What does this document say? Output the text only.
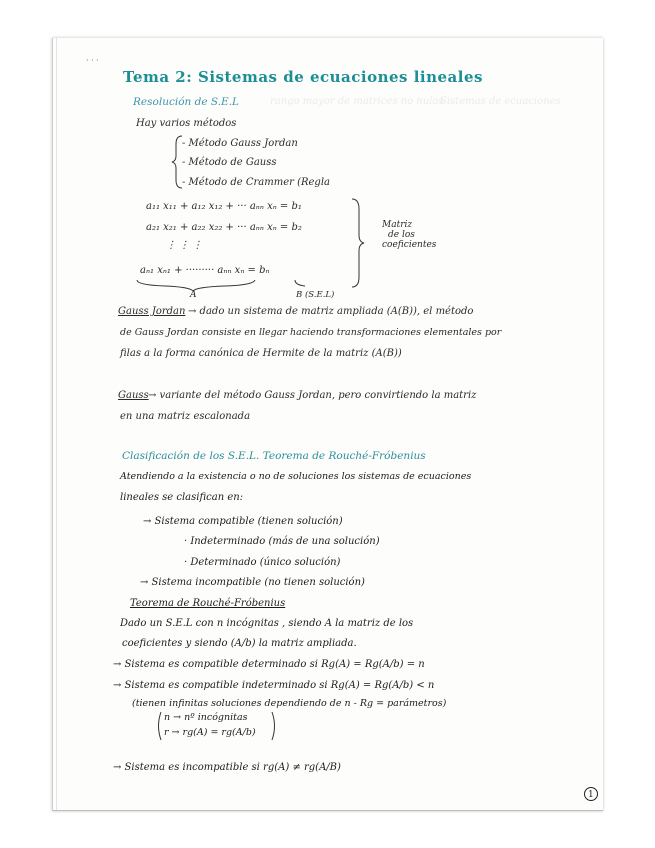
· · ·
rango mayor de matrices no nulos
Sistemas de ecuaciones
Tema 2: Sistemas de ecuaciones lineales
Resolución de S.E.L
Hay varios métodos
- Método Gauss Jordan
- Método de Gauss
- Método de Crammer (Regla
a₁₁ x₁₁ + a₁₂ x₁₂ + ··· aₙₙ xₙ = b₁
a₂₁ x₂₁ + a₂₂ x₂₂ + ··· aₙₙ xₙ = b₂
⋮ ⋮ ⋮
aₙ₁ xₙ₁ + ········· aₙₙ xₙ = bₙ
A	B (S.E.L)
Matriz
de los
coeficientes
Gauss Jordan → dado un sistema de matriz ampliada (A(B)), el método
de Gauss Jordan consiste en llegar haciendo transformaciones elementales por
filas a la forma canónica de Hermite de la matriz (A(B))
Gauss → variante del método Gauss Jordan, pero convirtiendo la matriz
en una matriz escalonada
Clasificación de los S.E.L. Teorema de Rouché-Fróbenius
Atendiendo a la existencia o no de soluciones los sistemas de ecuaciones
lineales se clasifican en:
→ Sistema compatible (tienen solución)
· Indeterminado (más de una solución)
· Determinado (único solución)
→ Sistema incompatible (no tienen solución)
Teorema de Rouché-Fróbenius
Dado un S.E.L con n incógnitas , siendo A la matriz de los
coeficientes y siendo (A/b) la matriz ampliada.
→ Sistema es compatible determinado si Rg(A) = Rg(A/b) = n
→ Sistema es compatible indeterminado si Rg(A) = Rg(A/b) < n
(tienen infinitas soluciones dependiendo de n - Rg = parámetros)
n → nº incógnitas
r → rg(A) = rg(A/b)
→ Sistema es incompatible si rg(A) ≠ rg(A/B)
1
